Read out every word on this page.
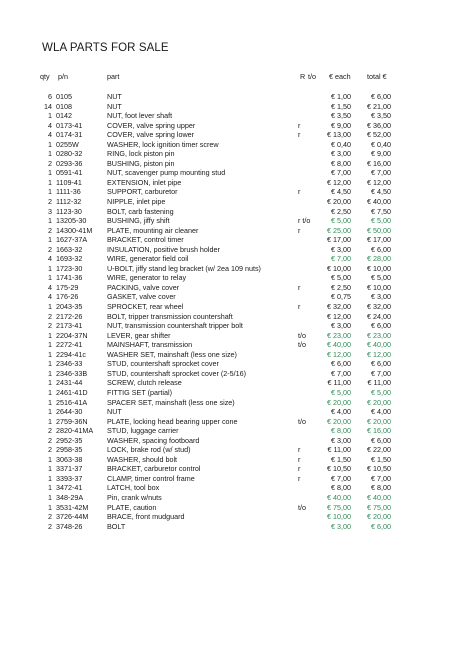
WLA PARTS FOR SALE
qty p/n	part	R t/o € each total €
6 0105	NUT	€ 1,00	€ 6,00
14 0108	NUT	€ 1,50 € 21,00
1 0142	NUT, foot lever shaft	€ 3,50	€ 3,50
4 0173-41	COVER, valve spring upper	r	€ 9,00 € 36,00
4 0174-31	COVER, valve spring lower	r	€ 13,00 € 52,00
1 0255W	WASHER, lock ignition timer screw	€ 0,40	€ 0,40
1 0280-32	RING, lock piston pin	€ 3,00	€ 9,00
2 0293-36	BUSHING, piston pin	€ 8,00 € 16,00
1 0591-41	NUT, scavenger pump mounting stud	€ 7,00	€ 7,00
1 1109-41	EXTENSION, inlet pipe	€ 12,00 € 12,00
1 1111-36	SUPPORT, carburetor	r	€ 4,50	€ 4,50
2 1112-32	NIPPLE, inlet pipe	€ 20,00 € 40,00
3 1123-30	BOLT, carb fastening	€ 2,50	€ 7,50
1 13205-30	BUSHING, jiffy shift	r t/o	€ 5,00	€ 5,00
2 14300-41M PLATE, mounting air cleaner	r	€ 25,00 € 50,00
1 1627-37A	BRACKET, control timer	€ 17,00 € 17,00
2 1663-32	INSULATION, positive brush holder	€ 3,00	€ 6,00
4 1693-32	WIRE, generator field coil	€ 7,00 € 28,00
1 1723-30	U-BOLT, jiffy stand leg bracket (w/ 2ea 109 nuts)	€ 10,00 € 10,00
1 1741-36	WIRE, generator to relay	€ 5,00	€ 5,00
4 175-29	PACKING, valve cover	r	€ 2,50 € 10,00
4 176-26	GASKET, valve cover	€ 0,75	€ 3,00
1 2043-35	SPROCKET, rear wheel	r	€ 32,00 € 32,00
2 2172-26	BOLT, tripper transmission countershaft	€ 12,00 € 24,00
2 2173-41	NUT, transmission countershaft tripper bolt	€ 3,00	€ 6,00
1 2204-37N	LEVER, gear shifter	t/o	€ 23,00 € 23,00
1 2272-41	MAINSHAFT, transmission	t/o	€ 40,00 € 40,00
1 2294-41c	WASHER SET, mainshaft (less one size)	€ 12,00 € 12,00
1 2346-33	STUD, countershaft sprocket cover	€ 6,00	€ 6,00
1 2346-33B	STUD, countershaft sprocket cover (2-5/16)	€ 7,00	€ 7,00
1 2431-44	SCREW, clutch release	€ 11,00 € 11,00
1 2461-41D	FITTIG SET (partial)	€ 5,00	€ 5,00
1 2516-41A	SPACER SET, mainshaft (less one size)	€ 20,00 € 20,00
1 2644-30	NUT	€ 4,00	€ 4,00
1 2759-36N	PLATE, locking head bearing upper cone	t/o	€ 20,00 € 20,00
2 2820-41MA STUD, luggage carrier	€ 8,00 € 16,00
2 2952-35	WASHER, spacing footboard	€ 3,00	€ 6,00
2 2958-35	LOCK, brake rod (w/ stud)	r	€ 11,00 € 22,00
1 3063-38	WASHER, should bolt	r	€ 1,50	€ 1,50
1 3371-37	BRACKET, carburetor control	r	€ 10,50 € 10,50
1 3393-37	CLAMP, timer control frame	r	€ 7,00	€ 7,00
1 3472-41	LATCH, tool box	€ 8,00	€ 8,00
1 348-29A	Pin, crank w/nuts	€ 40,00 € 40,00
1 3531-42M	PLATE, caution	t/o	€ 75,00 € 75,00
2 3726-44M	BRACE, front mudguard	€ 10,00 € 20,00
2 3748-26	BOLT	€ 3,00	€ 6,00
